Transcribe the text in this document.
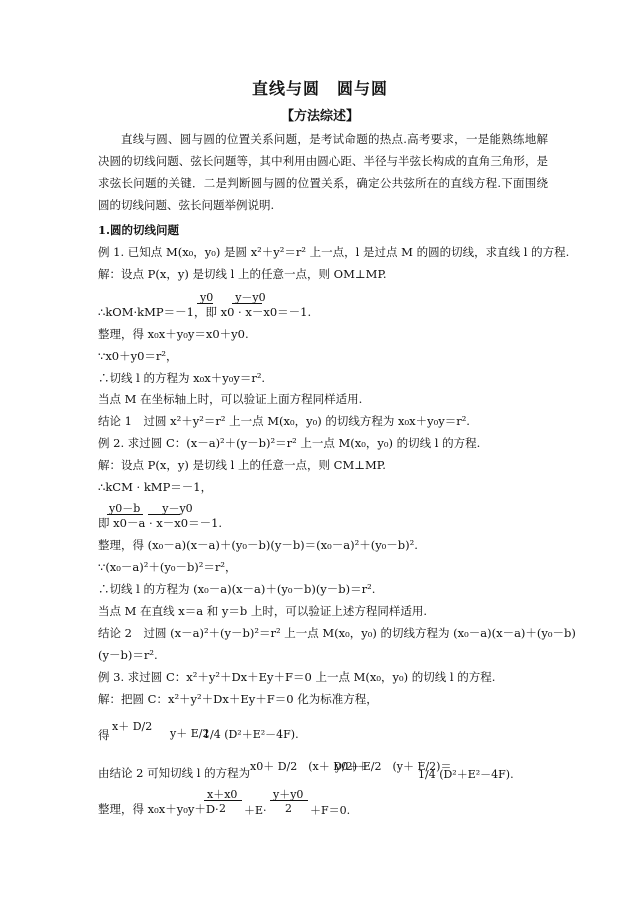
直线与圆　圆与圆
【方法综述】
直线与圆、圆与圆的位置关系问题，是考试命题的热点.高考要求，一是能熟练地解决圆的切线问题、弦长问题等，其中利用由圆心距、半径与半弦长构成的直角三角形，是求弦长问题的关键．二是判断圆与圆的位置关系，确定公共弦所在的直线方程.下面围绕圆的切线问题、弦长问题举例说明.
1.圆的切线问题
例 1. 已知点 M(x₀，y₀) 是圆 x²＋y²＝r² 上一点，l 是过点 M 的圆的切线，求直线 l 的方程.
解：设点 P(x，y) 是切线 l 上的任意一点，则 OM⊥MP.
y0　　y－y0
∴kOM·kMP＝－1，即 x0 · x－x0＝－1.
整理，得 x₀x＋y₀y＝x0＋y0.
∵x0＋y0＝r²，
∴切线 l 的方程为 x₀x＋y₀y＝r².
当点 M 在坐标轴上时，可以验证上面方程同样适用.
结论 1　过圆 x²＋y²＝r² 上一点 M(x₀，y₀) 的切线方程为 x₀x＋y₀y＝r².
例 2. 求过圆 C：(x－a)²＋(y－b)²＝r² 上一点 M(x₀，y₀) 的切线 l 的方程.
解：设点 P(x，y) 是切线 l 上的任意一点，则 CM⊥MP.
∴kCM · kMP＝－1，
y0－b　　y－y0
即 x0－a · x－x0＝－1.
整理，得 (x₀－a)(x－a)＋(y₀－b)(y－b)＝(x₀－a)²＋(y₀－b)².
∵(x₀－a)²＋(y₀－b)²＝r²，
∴切线 l 的方程为 (x₀－a)(x－a)＋(y₀－b)(y－b)＝r².
当点 M 在直线 x＝a 和 y＝b 上时，可以验证上述方程同样适用.
结论 2　过圆 (x－a)²＋(y－b)²＝r² 上一点 M(x₀，y₀) 的切线方程为 (x₀－a)(x－a)＋(y₀－b)
(y－b)＝r².
例 3. 求过圆 C：x²＋y²＋Dx＋Ey＋F＝0 上一点 M(x₀，y₀) 的切线 l 的方程.
解：把圆 C：x²＋y²＋Dx＋Ey＋F＝0 化为标准方程，
得
x＋ D/2
y＋ E/2
1/4 (D²＋E²－4F).
由结论 2 可知切线 l 的方程为 x0＋ D/2　(x＋ D/2)＋
y0＋ E/2　(y＋ E/2)＝
1/4 (D²＋E²－4F).
x＋x0	y＋y0
2	2
整理，得 x₀x＋y₀y＋D· ＋E·	＋F＝0.
